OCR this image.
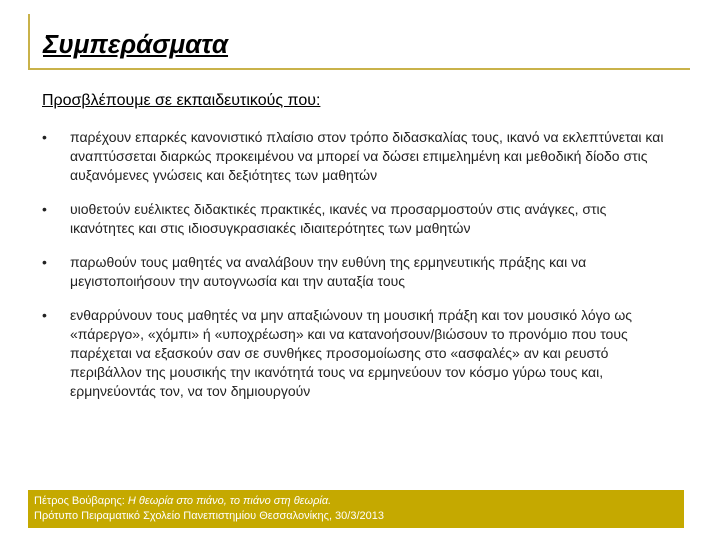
Συμπεράσματα

Προσβλέπουμε σε εκπαιδευτικούς που:

•	παρέχουν επαρκές κανονιστικό πλαίσιο στον τρόπο διδασκαλίας τους, ικανό να εκλεπτύνεται και αναπτύσσεται διαρκώς προκειμένου να μπορεί να δώσει επιμελημένη και μεθοδική δίοδο στις αυξανόμενες γνώσεις και δεξιότητες των μαθητών
•	υιοθετούν ευέλικτες διδακτικές πρακτικές, ικανές να προσαρμοστούν στις ανάγκες, στις ικανότητες και στις ιδιοσυγκρασιακές ιδιαιτερότητες των μαθητών
•	παρωθούν τους μαθητές να αναλάβουν την ευθύνη της ερμηνευτικής πράξης και να μεγιστοποιήσουν την αυτογνωσία και την αυταξία τους
•	ενθαρρύνουν τους μαθητές να μην απαξιώνουν τη μουσική πράξη και τον μουσικό λόγο ως «πάρεργο», «χόμπι» ή «υποχρέωση» και να κατανοήσουν/βιώσουν το προνόμιο που τους παρέχεται να εξασκούν σαν σε συνθήκες προσομοίωσης στο «ασφαλές» αν και ρευστό περιβάλλον της μουσικής την ικανότητά τους να ερμηνεύουν τον κόσμο γύρω τους και, ερμηνεύοντάς τον, να τον δημιουργούν
Πέτρος Βούβαρης: Η θεωρία στο πιάνο, το πιάνο στη θεωρία.
Πρότυπο Πειραματικό Σχολείο Πανεπιστημίου Θεσσαλονίκης, 30/3/2013
